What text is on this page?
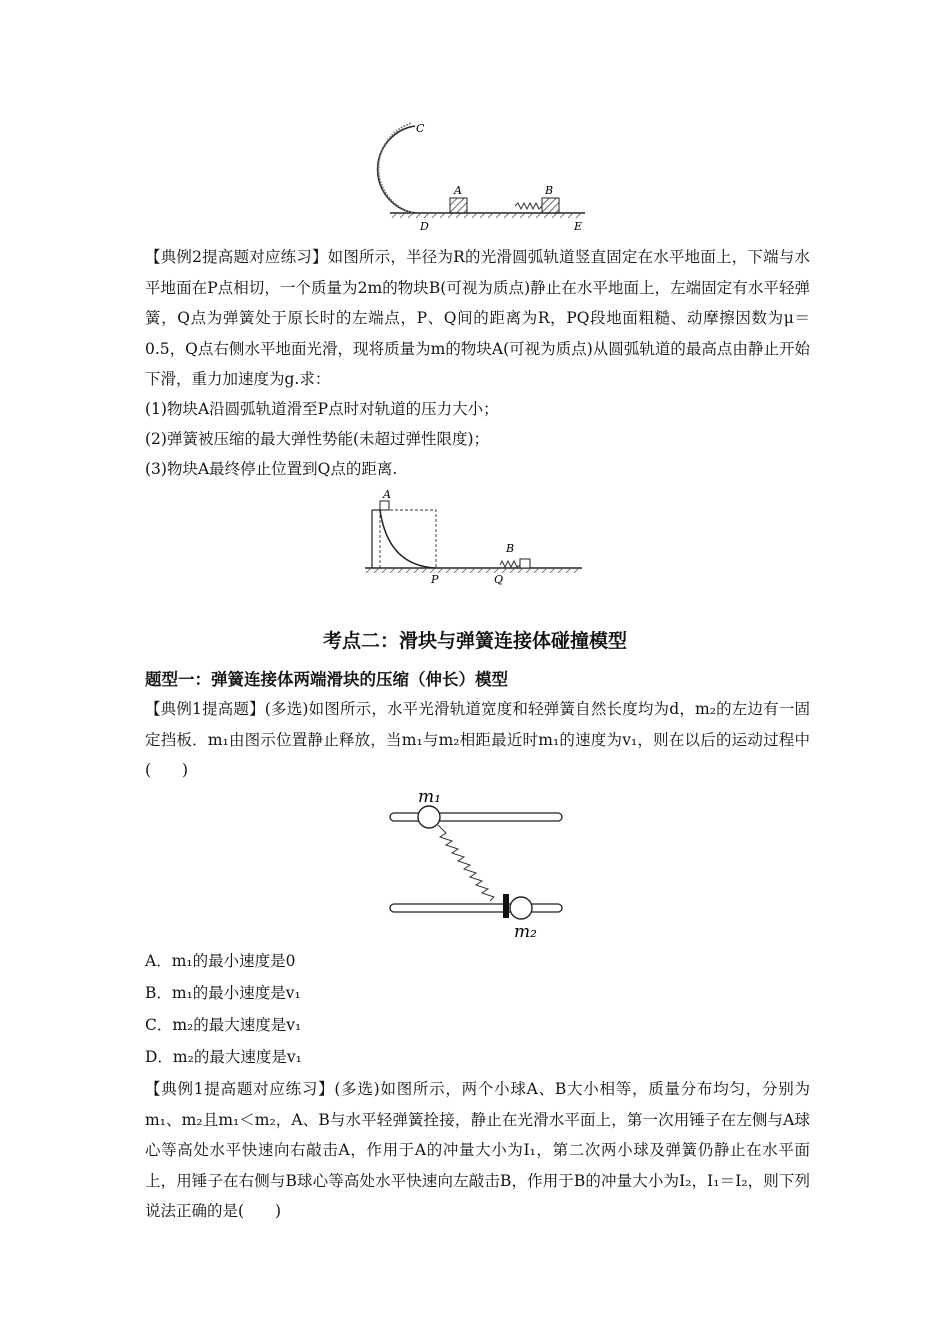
C
A	B
D	E
【典例2提高题对应练习】如图所示，半径为R的光滑圆弧轨道竖直固定在水平地面上，下端与水平地面在P点相切，一个质量为2m的物块B(可视为质点)静止在水平地面上，左端固定有水平轻弹簧，Q点为弹簧处于原长时的左端点，P、Q间的距离为R，PQ段地面粗糙、动摩擦因数为μ＝0.5，Q点右侧水平地面光滑，现将质量为m的物块A(可视为质点)从圆弧轨道的最高点由静止开始下滑，重力加速度为g.求：
(1)物块A沿圆弧轨道滑至P点时对轨道的压力大小；
(2)弹簧被压缩的最大弹性势能(未超过弹性限度)；
(3)物块A最终停止位置到Q点的距离.
A
B
P	Q
考点二：滑块与弹簧连接体碰撞模型
题型一：弹簧连接体两端滑块的压缩（伸长）模型
【典例1提高题】(多选)如图所示，水平光滑轨道宽度和轻弹簧自然长度均为d，m₂的左边有一固定挡板．m₁由图示位置静止释放，当m₁与m₂相距最近时m₁的速度为v₁，则在以后的运动过程中(　　)
m₁
m₂
A．m₁的最小速度是0
B．m₁的最小速度是v₁
C．m₂的最大速度是v₁
D．m₂的最大速度是v₁
【典例1提高题对应练习】(多选)如图所示，两个小球A、B大小相等，质量分布均匀，分别为m₁、m₂且m₁＜m₂，A、B与水平轻弹簧拴接，静止在光滑水平面上，第一次用锤子在左侧与A球心等高处水平快速向右敲击A，作用于A的冲量大小为I₁，第二次两小球及弹簧仍静止在水平面上，用锤子在右侧与B球心等高处水平快速向左敲击B，作用于B的冲量大小为I₂，I₁＝I₂，则下列说法正确的是(　　)
